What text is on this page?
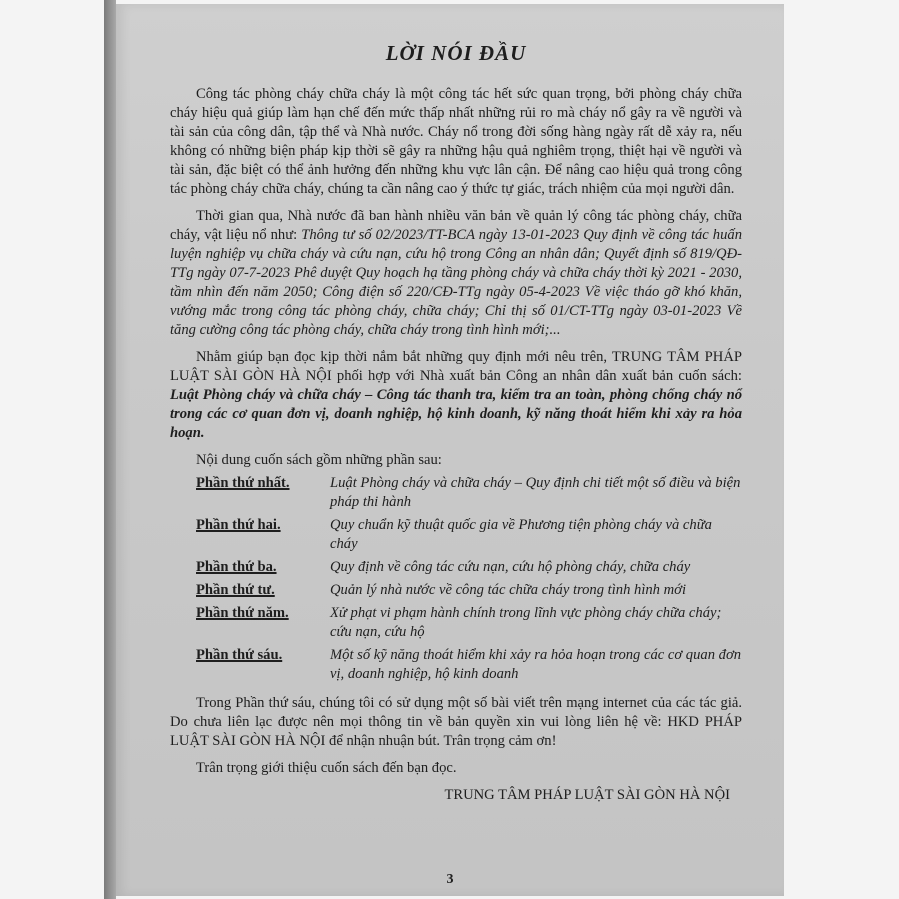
LỜI NÓI ĐẦU

Công tác phòng cháy chữa cháy là một công tác hết sức quan trọng, bởi phòng cháy chữa cháy hiệu quả giúp làm hạn chế đến mức thấp nhất những rủi ro mà cháy nổ gây ra về người và tài sản của công dân, tập thể và Nhà nước. Cháy nổ trong đời sống hàng ngày rất dễ xảy ra, nếu không có những biện pháp kịp thời sẽ gây ra những hậu quả nghiêm trọng, thiệt hại về người và tài sản, đặc biệt có thể ảnh hưởng đến những khu vực lân cận. Để nâng cao hiệu quả trong công tác phòng cháy chữa cháy, chúng ta cần nâng cao ý thức tự giác, trách nhiệm của mọi người dân.

Thời gian qua, Nhà nước đã ban hành nhiều văn bản về quản lý công tác phòng cháy, chữa cháy, vật liệu nổ như: Thông tư số 02/2023/TT-BCA ngày 13-01-2023 Quy định về công tác huấn luyện nghiệp vụ chữa cháy và cứu nạn, cứu hộ trong Công an nhân dân; Quyết định số 819/QĐ-TTg ngày 07-7-2023 Phê duyệt Quy hoạch hạ tầng phòng cháy và chữa cháy thời kỳ 2021 - 2030, tầm nhìn đến năm 2050; Công điện số 220/CĐ-TTg ngày 05-4-2023 Về việc tháo gỡ khó khăn, vướng mắc trong công tác phòng cháy, chữa cháy; Chỉ thị số 01/CT-TTg ngày 03-01-2023 Về tăng cường công tác phòng cháy, chữa cháy trong tình hình mới;...

Nhằm giúp bạn đọc kịp thời nắm bắt những quy định mới nêu trên, TRUNG TÂM PHÁP LUẬT SÀI GÒN HÀ NỘI phối hợp với Nhà xuất bản Công an nhân dân xuất bản cuốn sách: Luật Phòng cháy và chữa cháy – Công tác thanh tra, kiểm tra an toàn, phòng chống cháy nổ trong các cơ quan đơn vị, doanh nghiệp, hộ kinh doanh, kỹ năng thoát hiểm khi xảy ra hỏa hoạn.

Nội dung cuốn sách gồm những phần sau:
Phần thứ nhất.	Luật Phòng cháy và chữa cháy – Quy định chi tiết một số điều và biện pháp thi hành
Phần thứ hai.	Quy chuẩn kỹ thuật quốc gia về Phương tiện phòng cháy và chữa cháy
Phần thứ ba.	Quy định về công tác cứu nạn, cứu hộ phòng cháy, chữa cháy
Phần thứ tư.	Quản lý nhà nước về công tác chữa cháy trong tình hình mới
Phần thứ năm.	Xử phạt vi phạm hành chính trong lĩnh vực phòng cháy chữa cháy; cứu nạn, cứu hộ
Phần thứ sáu.	Một số kỹ năng thoát hiểm khi xảy ra hỏa hoạn trong các cơ quan đơn vị, doanh nghiệp, hộ kinh doanh

Trong Phần thứ sáu, chúng tôi có sử dụng một số bài viết trên mạng internet của các tác giả. Do chưa liên lạc được nên mọi thông tin về bản quyền xin vui lòng liên hệ về: HKD PHÁP LUẬT SÀI GÒN HÀ NỘI để nhận nhuận bút. Trân trọng cảm ơn!

Trân trọng giới thiệu cuốn sách đến bạn đọc.

TRUNG TÂM PHÁP LUẬT SÀI GÒN HÀ NỘI
3
